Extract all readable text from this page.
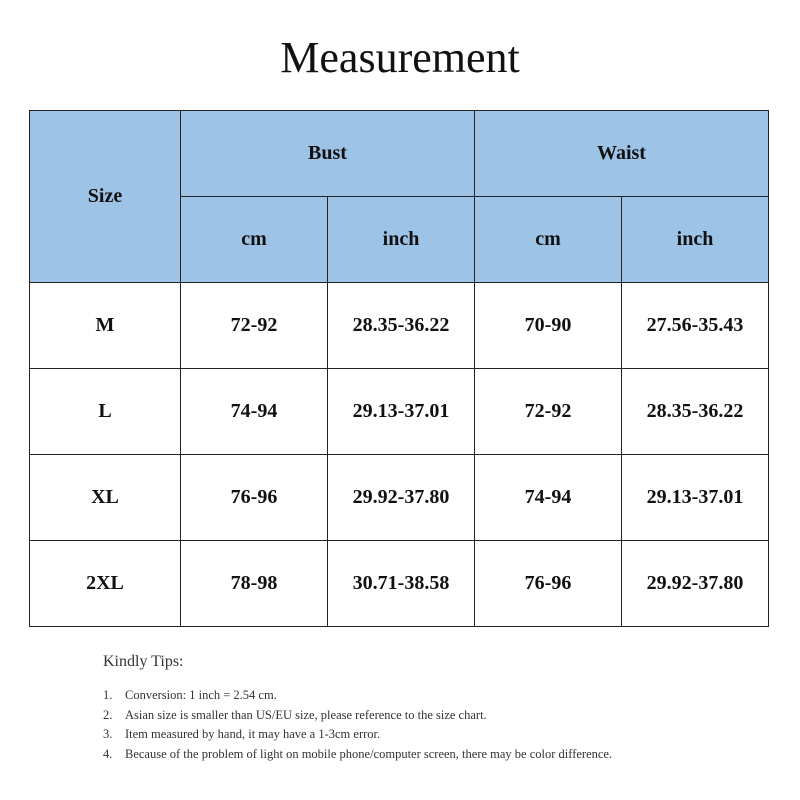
Measurement
Size	Bust		Waist	
	cm	inch	cm	inch
M	72-92	28.35-36.22	70-90	27.56-35.43
L	74-94	29.13-37.01	72-92	28.35-36.22
XL	76-96	29.92-37.80	74-94	29.13-37.01
2XL	78-98	30.71-38.58	76-96	29.92-37.80

Kindly Tips:

1. Conversion: 1 inch = 2.54 cm.
2. Asian size is smaller than US/EU size, please reference to the size chart.
3. Item measured by hand, it may have a 1-3cm error.
4. Because of the problem of light on mobile phone/computer screen, there may be color difference.
